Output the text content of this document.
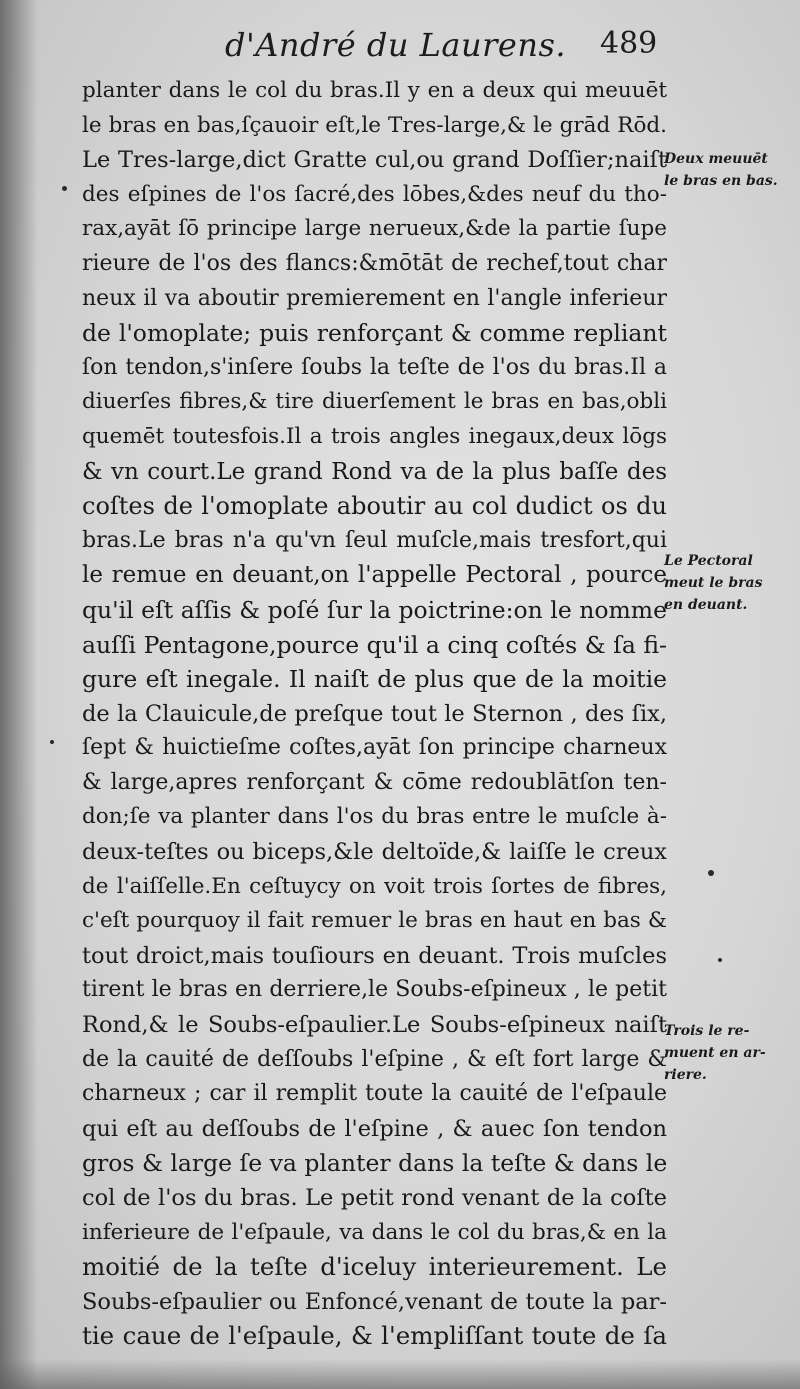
d'André du Laurens. 489
planter dans le col du bras.Il y en a deux qui meuuēt
le bras en bas,ſçauoir eſt,le Tres-large,& le grād Rōd.
Le Tres-large,dict Gratte cul,ou grand Doſſier;naiſt
des eſpines de l'os ſacré,des lōbes,&des neuf du tho-
rax,ayāt ſō principe large nerueux,&de la partie ſupe
rieure de l'os des flancs:&mōtāt de rechef,tout char
neux il va aboutir premierement en l'angle inferieur
de l'omoplate; puis renforçant & comme repliant
ſon tendon,s'inſere ſoubs la teſte de l'os du bras.Il a
diuerſes fibres,& tire diuerſement le bras en bas,obli
quemēt toutesfois.Il a trois angles inegaux,deux lōgs
& vn court.Le grand Rond va de la plus baſſe des
coſtes de l'omoplate aboutir au col dudict os du
bras.Le bras n'a qu'vn ſeul muſcle,mais tresfort,qui
le remue en deuant,on l'appelle Pectoral , pource
qu'il eſt aſſis & poſé ſur la poictrine:on le nomme
auſſi Pentagone,pource qu'il a cinq coſtés & ſa fi-
gure eſt inegale. Il naiſt de plus que de la moitie
de la Clauicule,de preſque tout le Sternon , des ſix,
ſept & huictieſme coſtes,ayāt ſon principe charneux
& large,apres renforçant & cōme redoublātſon ten-
don;ſe va planter dans l'os du bras entre le muſcle à-
deux-teſtes ou biceps,&le deltoïde,& laiſſe le creux
de l'aiſſelle.En ceſtuycy on voit trois ſortes de fibres,
c'eſt pourquoy il fait remuer le bras en haut en bas &
tout droict,mais touſiours en deuant. Trois muſcles
tirent le bras en derriere,le Soubs-eſpineux , le petit
Rond,& le Soubs-eſpaulier.Le Soubs-eſpineux naiſt
de la cauité de deſſoubs l'eſpine , & eſt fort large &
charneux ; car il remplit toute la cauité de l'eſpaule
qui eſt au deſſoubs de l'eſpine , & auec ſon tendon
gros & large ſe va planter dans la teſte & dans le
col de l'os du bras. Le petit rond venant de la coſte
inferieure de l'eſpaule, va dans le col du bras,& en la
moitié de la teſte d'iceluy interieurement. Le
Soubs-eſpaulier ou Enfoncé,venant de toute la par-
tie caue de l'eſpaule, & l'empliſſant toute de ſa
Deux meuuēt
le bras en bas.
Le Pectoral
meut le bras
en deuant.
Trois le re-
muent en ar-
riere.
